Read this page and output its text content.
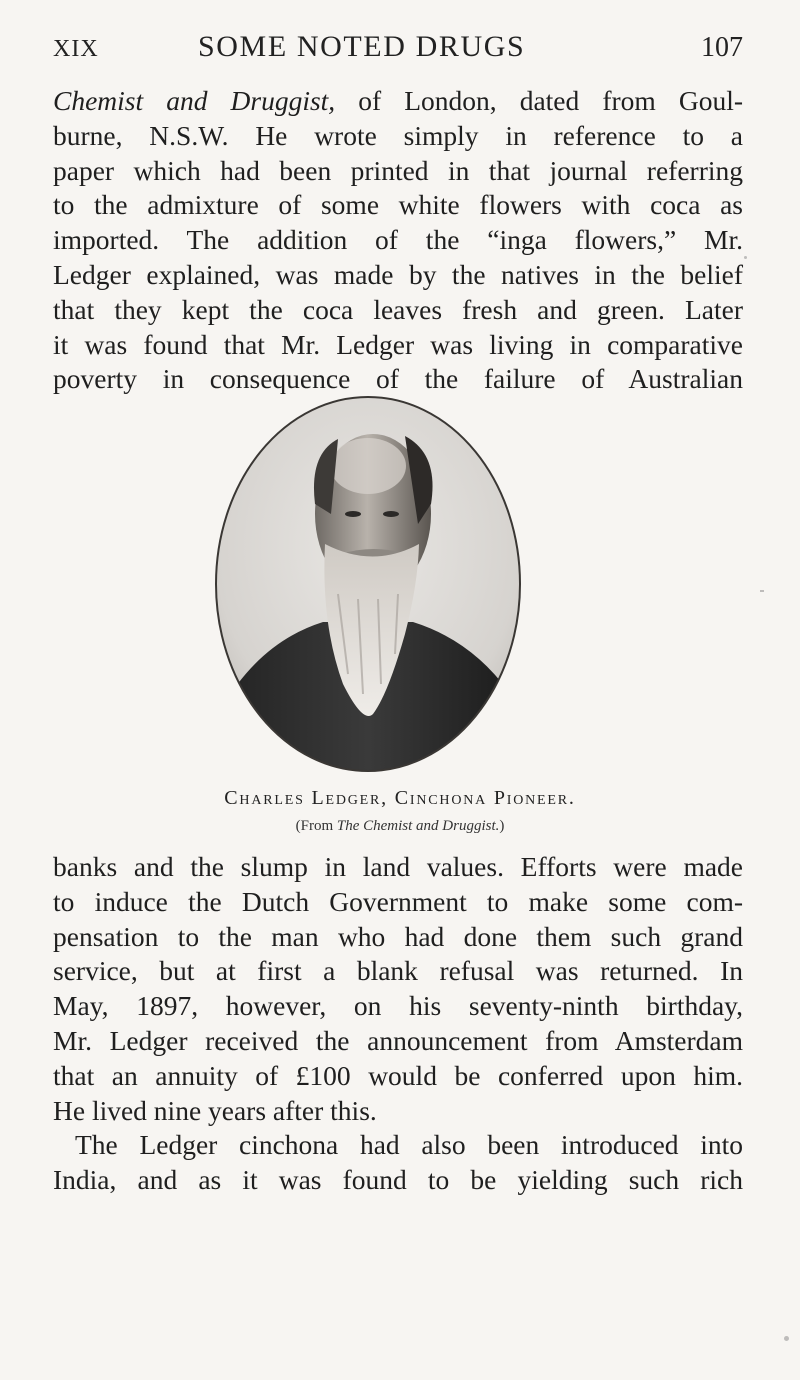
XIX	SOME NOTED DRUGS	107
Chemist and Druggist, of London, dated from Goul-
burne, N.S.W. He wrote simply in reference to a
paper which had been printed in that journal referring
to the admixture of some white flowers with coca as
imported. The addition of the “inga flowers,” Mr.
Ledger explained, was made by the natives in the belief
that they kept the coca leaves fresh and green. Later
it was found that Mr. Ledger was living in comparative
poverty in consequence of the failure of Australian
Charles Ledger, Cinchona Pioneer.
(From The Chemist and Druggist.)
banks and the slump in land values. Efforts were made
to induce the Dutch Government to make some com-
pensation to the man who had done them such grand
service, but at first a blank refusal was returned. In
May, 1897, however, on his seventy-ninth birthday,
Mr. Ledger received the announcement from Amsterdam
that an annuity of £100 would be conferred upon him.
He lived nine years after this.
The Ledger cinchona had also been introduced into
India, and as it was found to be yielding such rich
